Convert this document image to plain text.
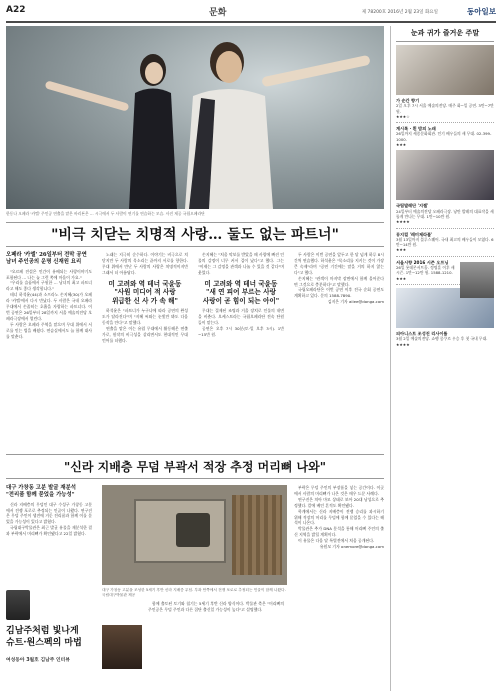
A22	문화	제 78200호 2016년 2월 23일 화요일	동아일보
한동나 오페라 '카엘' 주인공 연출을 맡은 바리톤은 … 시극에서 두 사람이 연기를 연습하는 모습. 사진 제공 국립오페라단
"비극 치닫는 치명적 사랑… 둘도 없는 파트너"
오페라 '카엘' 26일부터 전막 공연
남녀 주인공의 운명 신재원 요리

"오르페 전설은 인간이 유배되는 사랑이야기도 포함된다 … 나는 늘 그런 쪽에 마음이 가요."

"우리를 슬픔에서 구원한 … 남녀의 최고 파트너라고 해도 좋다 생각합니다."

테너 하석윤(44)과 소프라노 손지혜(30)가 오페라 '카엘'에서 다시 만났다. 두 사람은 국내 오페라 무대에서 손꼽히는 호흡을 자랑하는 파트너다. 이번 공연은 26일부터 28일까지 서울 예술의전당 오페라극장에서 열린다.

두 사람은 오페라 주역을 맡으며 무대 위에서 서로를 믿는 법을 배웠다. 연습실에서도 늘 함께 대사를 맞춘다.

노래는 지극히 순수하다. 이야기는 비극으로 치닫지만 두 사람의 목소리는 끝까지 서로를 향한다. 무대 위에서 만난 두 사람의 사랑은 치명적이지만 그래서 더 아름답다.

미 고려와 역 테너 국윤동
"사원 미디어 적 사랑
위급한 신 사 가 속 해"

하석윤은 "파트너가 누구냐에 따라 공연의 완성도가 달라진다"며 "지혜 씨와는 눈빛만 봐도 다음 동작을 안다"고 말했다.

연출을 맡은 이는 유럽 무대에서 활동해온 연출가로, 원작의 비극성을 살리면서도 현대적인 무대 언어를 더했다.

손지혜는 "처음 악보를 받았을 때 사랑에 빠진 인물의 감정이 너무 커서 겁이 났다"고 했다. 그는 "이제는 그 감정을 관객과 나눌 수 있을 것 같다"며 웃었다.

미 고려와 역 테너 국윤동
"새 연 피어 부르는 사랑
사랑이 곧 힘이 되는 아이"

무대는 절제된 조명과 거울 장치로 인물의 내면을 비춘다. 오케스트라는 국립오페라단 전속 단원들이 맡는다.

공연은 오후 7시 30분(토·일 오후 3시). 1만∼15만 원.

두 사람은 이번 공연을 앞두고 한 달 넘게 하루 8시간씩 연습했다. 하석윤은 "목소리를 지키는 것이 가장 큰 숙제"라며 "공연 기간에는 말을 거의 하지 않는다"고 했다.

손지혜는 "관객이 마지막 장면에서 함께 울어준다면 그것으로 충분하다"고 말했다.

국립오페라단은 이번 공연 이후 전국 순회 공연도 계획하고 있다. 문의 1588-7890.

김지은 기자 ailee@donga.com
"신라 지배층 무덤 부곽서 적장 추정 머리뼈 나와"
대구 가창동 고분 발굴 재분석
"전리품 함께 묻었을 가능성"

신라 지배층의 무덤인 대구 수성구 가창동 고분에서 전쟁 포로로 추정되는 인골이 나왔다. 연구진은 무덤 주인이 생전에 거둔 전리품과 함께 이를 묻었을 가능성이 있다고 밝혔다.

국립대구박물관은 최근 발굴 유물을 재분석한 결과 부곽에서 머리뼈가 확인됐다고 22일 밝혔다.

대구 가창동 고분을 조성한 5세기 후반 신라 지배층 무덤. 부곽 안쪽에서 전쟁 포로로 추정되는 인골이 함께 나왔다. 국립대구박물관 제공

부곽은 무덤 주인의 부장품을 넣는 공간이다. 이곳에서 사람의 머리뼈가 나온 것은 매우 드문 사례다.

연구진은 치아 마모 상태로 보아 20대 남성으로 추정했다. 칼에 베인 흔적도 확인됐다.

학계에서는 신라 지배층이 전쟁 승리를 과시하기 위해 적장의 머리를 무덤에 함께 묻었을 수 있다는 해석이 나온다.

박물관은 추가 DNA 분석을 통해 머리뼈 주인의 출신 지역을 밝힐 계획이다.

이 유물은 다음 달 특별전에서 처음 공개된다.

유원모 기자 onemore@donga.com

함께 출토된 토기와 철기는 5세기 후반 신라 양식이다. 박물관 측은 "머리뼈의 주인공은 무덤 주인과 다른 집단 출신일 가능성이 높다"고 설명했다.

김남주처럼 빛나게
슈트·원스펙의 마법
여성동아 3월호 김남주 인터뷰
눈과 귀가 즐거운 주말
가 순간 향기
2일 오후 7시 서울 예술의전당. 매주 화∼일 공연. 3만∼7만 원.
★★★☆
계시록 · 흰 밤의 노래
26일까지 세종문화회관. 인기 배우들의 새 무대. 02-399-1000.
★★★
국립발레단 '지젤'
24일부터 예술의전당 오페라극장. 낭만 발레의 대표작을 새롭게 만나는 무대. 1만∼10만 원.
★★★★
뮤지컬 '레미제라블'
3월 13일까지 블루스퀘어. 국내 최고의 배우들이 모였다. 6만∼14만 원.
★★★
서울시향 2016 시즌 오프닝
26일 롯데콘서트홀. 정명훈 이후 새 시즌. 1만∼12만 원. 1588-1210.
★★★
피아니스트 조성진 리사이틀
3월 2일 예술의전당. 쇼팽 콩쿠르 우승 후 첫 국내 무대.
★★★★
